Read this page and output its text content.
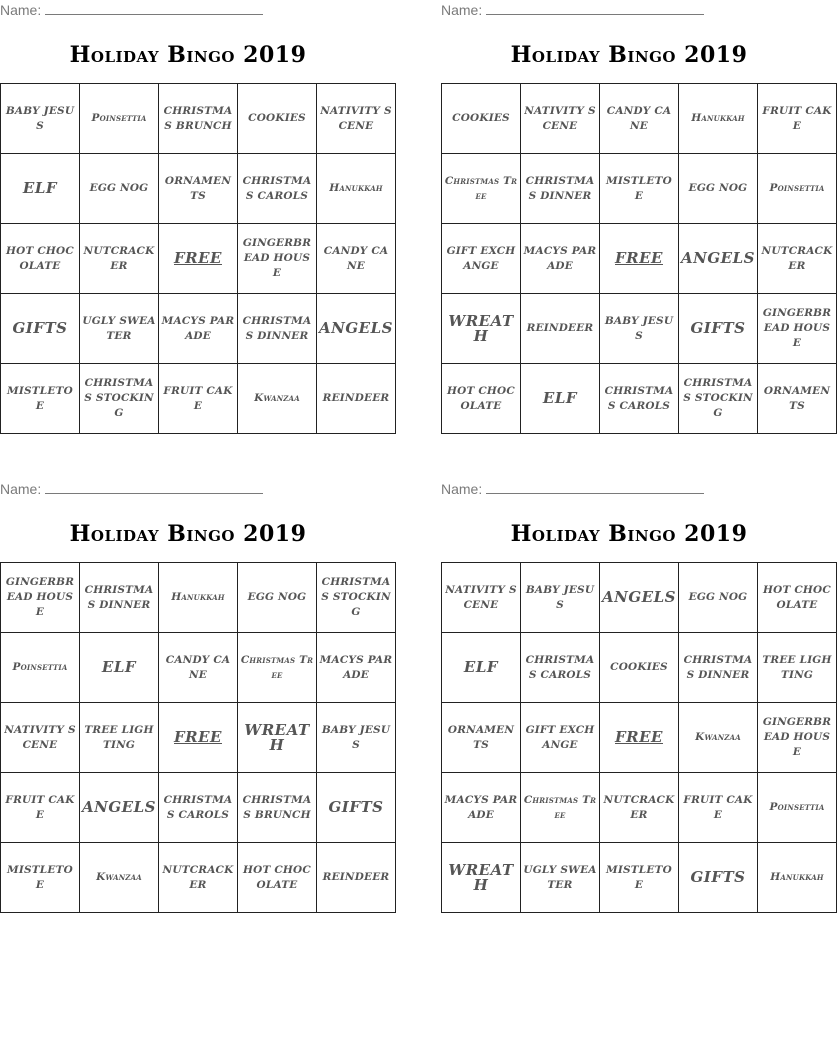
Name:
Holiday Bingo 2019
BABY JESUS	Poinsettia	CHRISTMAS BRUNCH	COOKIES	NATIVITY SCENE
ELF	EGG NOG	ORNAMENTS	CHRISTMAS CAROLS	Hanukkah
HOT CHOCOLATE	NUTCRACKER	FREE	GINGERBREAD HOUSE	CANDY CANE
GIFTS	UGLY SWEATER	MACYS PARADE	CHRISTMAS DINNER	ANGELS
MISTLETOE	CHRISTMAS STOCKING	FRUIT CAKE	Kwanzaa	REINDEER
Name:
Holiday Bingo 2019
COOKIES	NATIVITY SCENE	CANDY CANE	Hanukkah	FRUIT CAKE
Christmas Tree	CHRISTMAS DINNER	MISTLETOE	EGG NOG	Poinsettia
GIFT EXCHANGE	MACYS PARADE	FREE	ANGELS	NUTCRACKER
WREATH	REINDEER	BABY JESUS	GIFTS	GINGERBREAD HOUSE
HOT CHOCOLATE	ELF	CHRISTMAS CAROLS	CHRISTMAS STOCKING	ORNAMENTS
Name:
Holiday Bingo 2019
GINGERBREAD HOUSE	CHRISTMAS DINNER	Hanukkah	EGG NOG	CHRISTMAS STOCKING
Poinsettia	ELF	CANDY CANE	Christmas Tree	MACYS PARADE
NATIVITY SCENE	TREE LIGHTING	FREE	WREATH	BABY JESUS
FRUIT CAKE	ANGELS	CHRISTMAS CAROLS	CHRISTMAS BRUNCH	GIFTS
MISTLETOE	Kwanzaa	NUTCRACKER	HOT CHOCOLATE	REINDEER
Name:
Holiday Bingo 2019
NATIVITY SCENE	BABY JESUS	ANGELS	EGG NOG	HOT CHOCOLATE
ELF	CHRISTMAS CAROLS	COOKIES	CHRISTMAS DINNER	TREE LIGHTING
ORNAMENTS	GIFT EXCHANGE	FREE	Kwanzaa	GINGERBREAD HOUSE
MACYS PARADE	Christmas Tree	NUTCRACKER	FRUIT CAKE	Poinsettia
WREATH	UGLY SWEATER	MISTLETOE	GIFTS	Hanukkah
